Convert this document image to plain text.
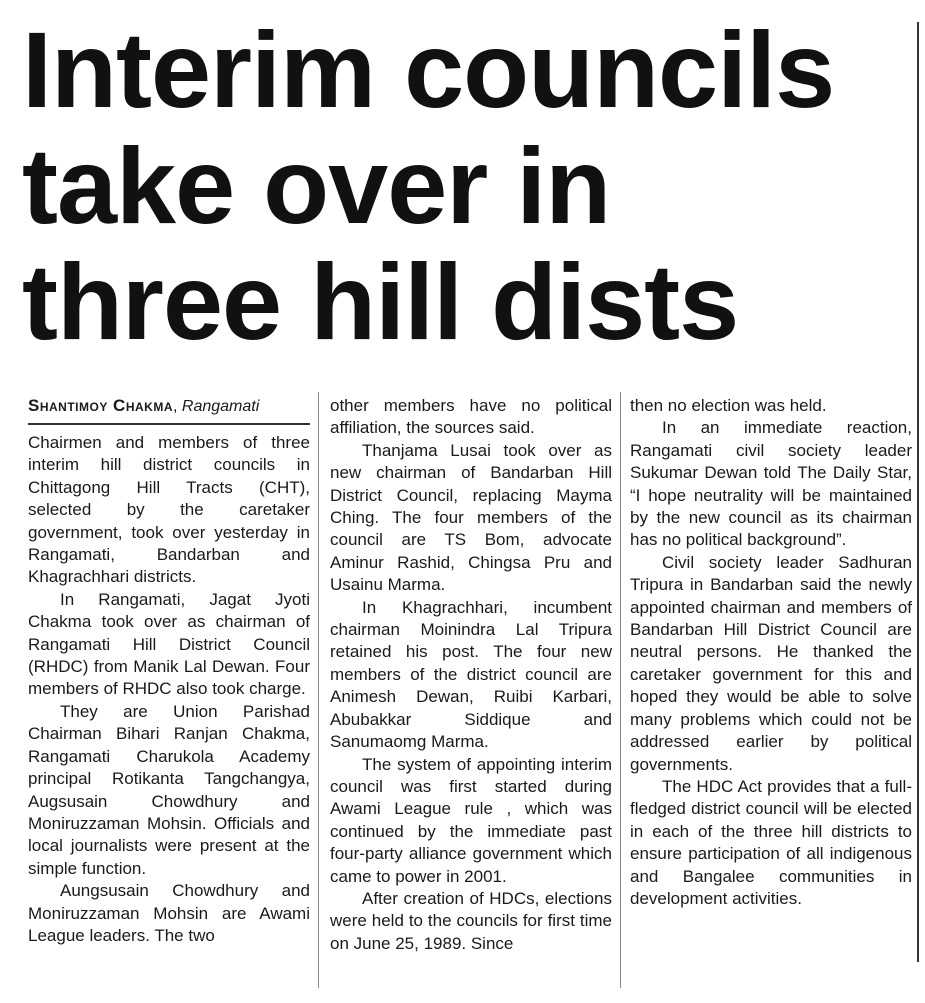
Interim councils
take over in
three hill dists
Shantimoy Chakma, Rangamati

Chairmen and members of three interim hill district councils in Chittagong Hill Tracts (CHT), selected by the caretaker government, took over yesterday in Rangamati, Bandarban and Khagrachhari districts.

In Rangamati, Jagat Jyoti Chakma took over as chairman of Rangamati Hill District Council (RHDC) from Manik Lal Dewan. Four members of RHDC also took charge.

They are Union Parishad Chairman Bihari Ranjan Chakma, Rangamati Charukola Academy principal Rotikanta Tangchangya, Augsusain Chowdhury and Moniruzzaman Mohsin. Officials and local journalists were present at the simple function.

Aungsusain Chowdhury and Moniruzzaman Mohsin are Awami League leaders. The two

other members have no political affiliation, the sources said.

Thanjama Lusai took over as new chairman of Bandarban Hill District Council, replacing Mayma Ching. The four members of the council are TS Bom, advocate Aminur Rashid, Chingsa Pru and Usainu Marma.

In Khagrachhari, incumbent chairman Moinindra Lal Tripura retained his post. The four new members of the district council are Animesh Dewan, Ruibi Karbari, Abubakkar Siddique and Sanumaomg Marma.

The system of appointing interim council was first started during Awami League rule , which was continued by the immediate past four-party alliance government which came to power in 2001.

After creation of HDCs, elections were held to the councils for first time on June 25, 1989. Since

then no election was held.

In an immediate reaction, Rangamati civil society leader Sukumar Dewan told The Daily Star, “I hope neutrality will be maintained by the new council as its chairman has no political background”.

Civil society leader Sadhuran Tripura in Bandarban said the newly appointed chairman and members of Bandarban Hill District Council are neutral persons. He thanked the caretaker government for this and hoped they would be able to solve many problems which could not be addressed earlier by political governments.

The HDC Act provides that a full-fledged district council will be elected in each of the three hill districts to ensure participation of all indigenous and Bangalee communities in development activities.
